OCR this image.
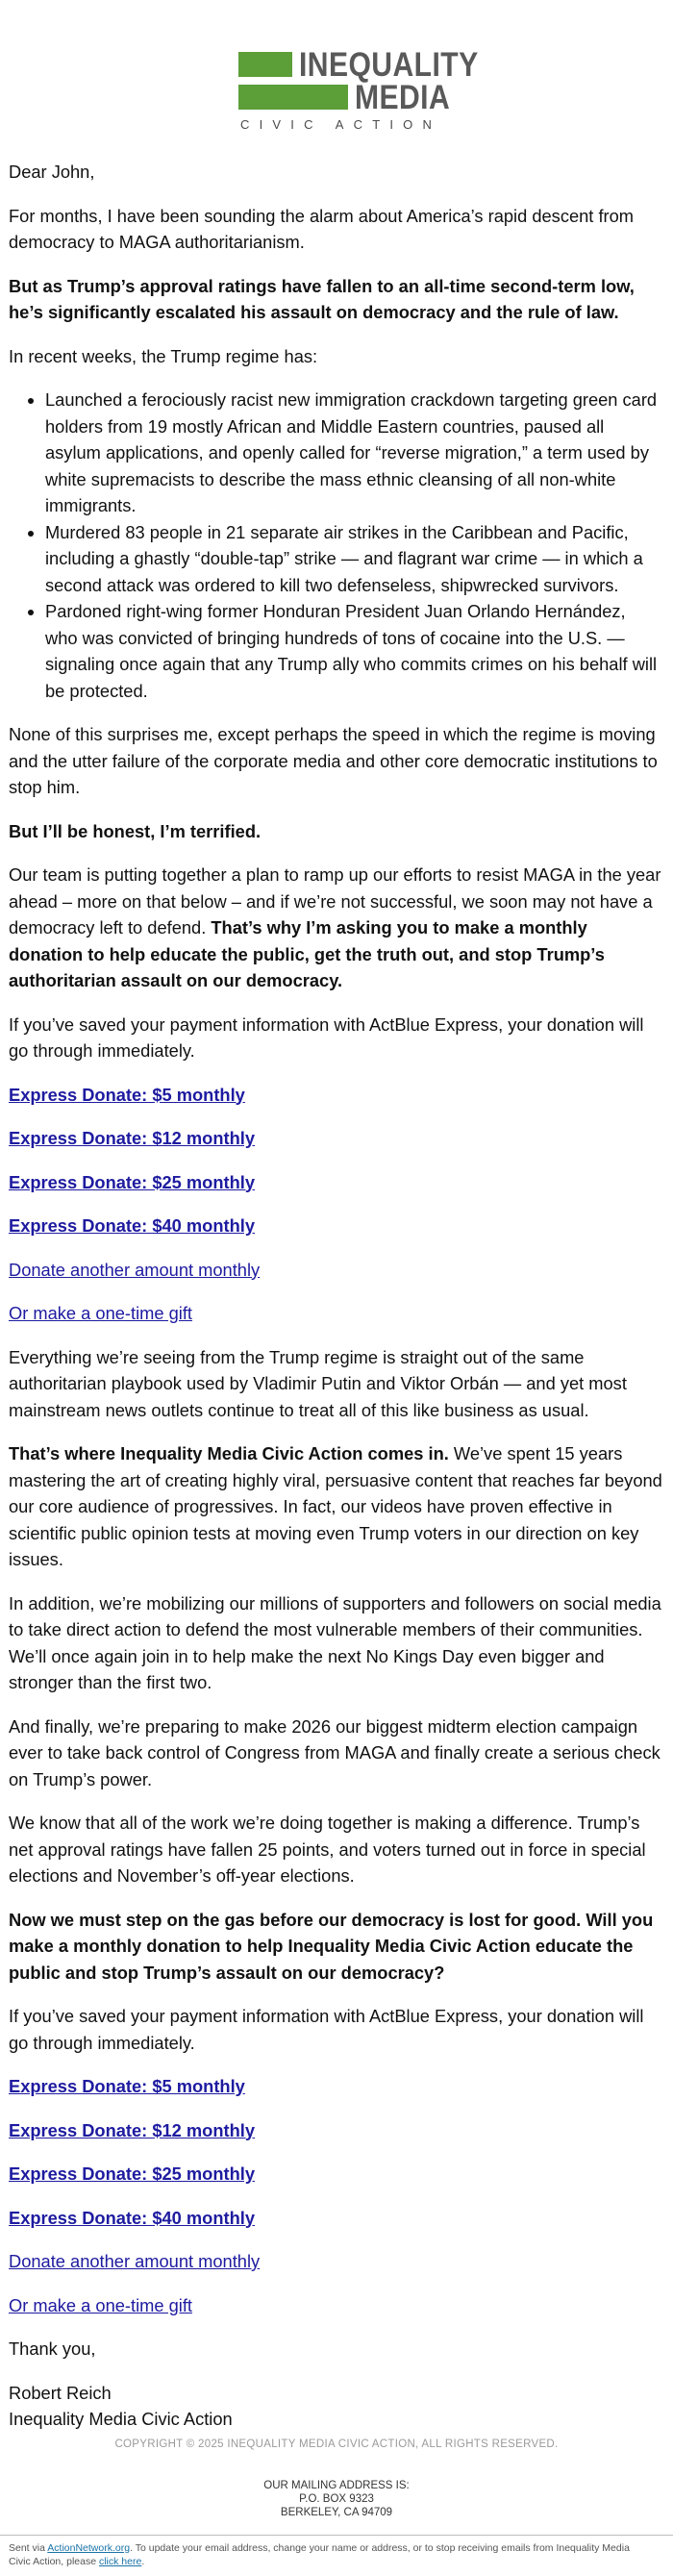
INEQUALITY
MEDIA
CIVIC ACTION

Dear John,

For months, I have been sounding the alarm about America’s rapid descent from democracy to MAGA authoritarianism.

But as Trump’s approval ratings have fallen to an all-time second-term low, he’s significantly escalated his assault on democracy and the rule of law.

In recent weeks, the Trump regime has:

• Launched a ferociously racist new immigration crackdown targeting green card holders from 19 mostly African and Middle Eastern countries, paused all asylum applications, and openly called for “reverse migration,” a term used by white supremacists to describe the mass ethnic cleansing of all non-white immigrants.
• Murdered 83 people in 21 separate air strikes in the Caribbean and Pacific, including a ghastly “double-tap” strike — and flagrant war crime — in which a second attack was ordered to kill two defenseless, shipwrecked survivors.
• Pardoned right-wing former Honduran President Juan Orlando Hernández, who was convicted of bringing hundreds of tons of cocaine into the U.S. — signaling once again that any Trump ally who commits crimes on his behalf will be protected.

None of this surprises me, except perhaps the speed in which the regime is moving and the utter failure of the corporate media and other core democratic institutions to stop him.

But I’ll be honest, I’m terrified.

Our team is putting together a plan to ramp up our efforts to resist MAGA in the year ahead – more on that below – and if we’re not successful, we soon may not have a democracy left to defend. That’s why I’m asking you to make a monthly donation to help educate the public, get the truth out, and stop Trump’s authoritarian assault on our democracy.

If you’ve saved your payment information with ActBlue Express, your donation will go through immediately.

Express Donate: $5 monthly

Express Donate: $12 monthly

Express Donate: $25 monthly

Express Donate: $40 monthly

Donate another amount monthly

Or make a one-time gift

Everything we’re seeing from the Trump regime is straight out of the same authoritarian playbook used by Vladimir Putin and Viktor Orbán — and yet most mainstream news outlets continue to treat all of this like business as usual.

That’s where Inequality Media Civic Action comes in. We’ve spent 15 years mastering the art of creating highly viral, persuasive content that reaches far beyond our core audience of progressives. In fact, our videos have proven effective in scientific public opinion tests at moving even Trump voters in our direction on key issues.

In addition, we’re mobilizing our millions of supporters and followers on social media to take direct action to defend the most vulnerable members of their communities. We’ll once again join in to help make the next No Kings Day even bigger and stronger than the first two.

And finally, we’re preparing to make 2026 our biggest midterm election campaign ever to take back control of Congress from MAGA and finally create a serious check on Trump’s power.

We know that all of the work we’re doing together is making a difference. Trump’s net approval ratings have fallen 25 points, and voters turned out in force in special elections and November’s off-year elections.

Now we must step on the gas before our democracy is lost for good. Will you make a monthly donation to help Inequality Media Civic Action educate the public and stop Trump’s assault on our democracy?

If you’ve saved your payment information with ActBlue Express, your donation will go through immediately.

Express Donate: $5 monthly

Express Donate: $12 monthly

Express Donate: $25 monthly

Express Donate: $40 monthly

Donate another amount monthly

Or make a one-time gift

Thank you,

Robert Reich

Inequality Media Civic Action

COPYRIGHT © 2025 INEQUALITY MEDIA CIVIC ACTION, ALL RIGHTS RESERVED.
OUR MAILING ADDRESS IS:
P.O. BOX 9323
BERKELEY, CA 94709
Sent via ActionNetwork.org. To update your email address, change your name or address, or to stop receiving emails from Inequality Media Civic Action, please click here.
